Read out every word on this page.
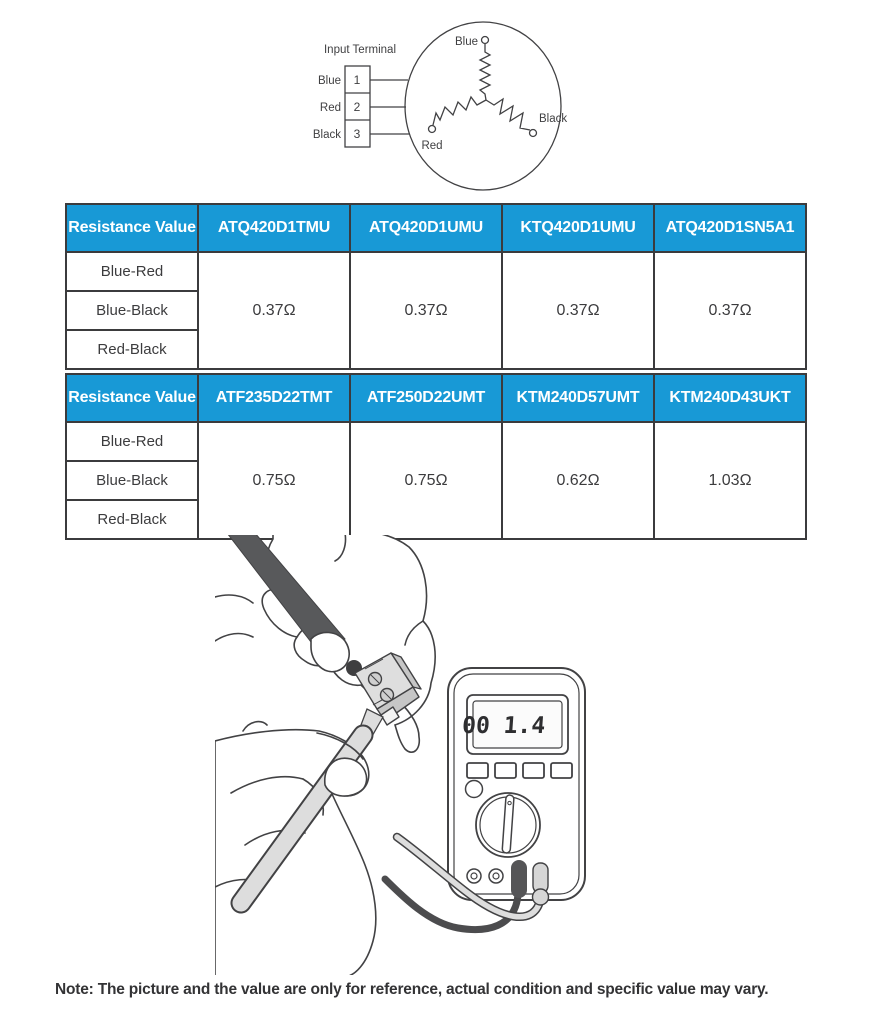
Input Terminal
Blue
Red
Black
1
2
3
Blue
Red
Black
Resistance Value	ATQ420D1TMU	ATQ420D1UMU	KTQ420D1UMU	ATQ420D1SN5A1
Blue-Red	0.37Ω	0.37Ω	0.37Ω	0.37Ω
Blue-Black				
Red-Black				
Resistance Value	ATF235D22TMT	ATF250D22UMT	KTM240D57UMT	KTM240D43UKT
Blue-Red	0.75Ω	0.75Ω	0.62Ω	1.03Ω
Blue-Black				
Red-Black				
00 1.4
Note: The picture and the value are only for reference, actual condition and specific value may vary.
